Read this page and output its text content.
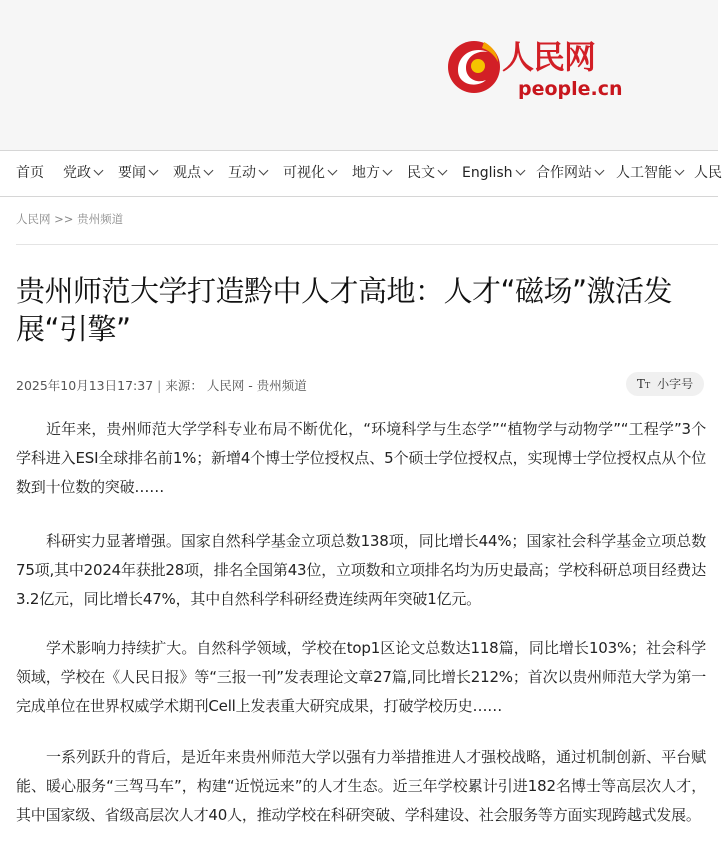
人民网
people.cn
首页 党政	要闻	观点	互动	可视化	地方	民文	English	合作网站	人工智能	人民
人民网 >> 贵州频道
贵州师范大学打造黔中人才高地：人才“磁场”激活发展“引擎”
2025年10月13日17:37 | 来源： 人民网 - 贵州频道	TT 小字号

近年来，贵州师范大学学科专业布局不断优化，“环境科学与生态学”“植物学与动物学”“工程学”3个学科进入ESI全球排名前1%；新增4个博士学位授权点、5个硕士学位授权点，实现博士学位授权点从个位数到十位数的突破……

科研实力显著增强。国家自然科学基金立项总数138项，同比增长44%；国家社会科学基金立项总数75项,其中2024年获批28项，排名全国第43位，立项数和立项排名均为历史最高；学校科研总项目经费达3.2亿元，同比增长47%，其中自然科学科研经费连续两年突破1亿元。

学术影响力持续扩大。自然科学领域，学校在top1区论文总数达118篇，同比增长103%；社会科学领域，学校在《人民日报》等“三报一刊”发表理论文章27篇,同比增长212%；首次以贵州师范大学为第一完成单位在世界权威学术期刊Cell上发表重大研究成果，打破学校历史……

一系列跃升的背后，是近年来贵州师范大学以强有力举措推进人才强校战略，通过机制创新、平台赋能、暖心服务“三驾马车”，构建“近悦远来”的人才生态。近三年学校累计引进182名博士等高层次人才，其中国家级、省级高层次人才40人，推动学校在科研突破、学科建设、社会服务等方面实现跨越式发展。
